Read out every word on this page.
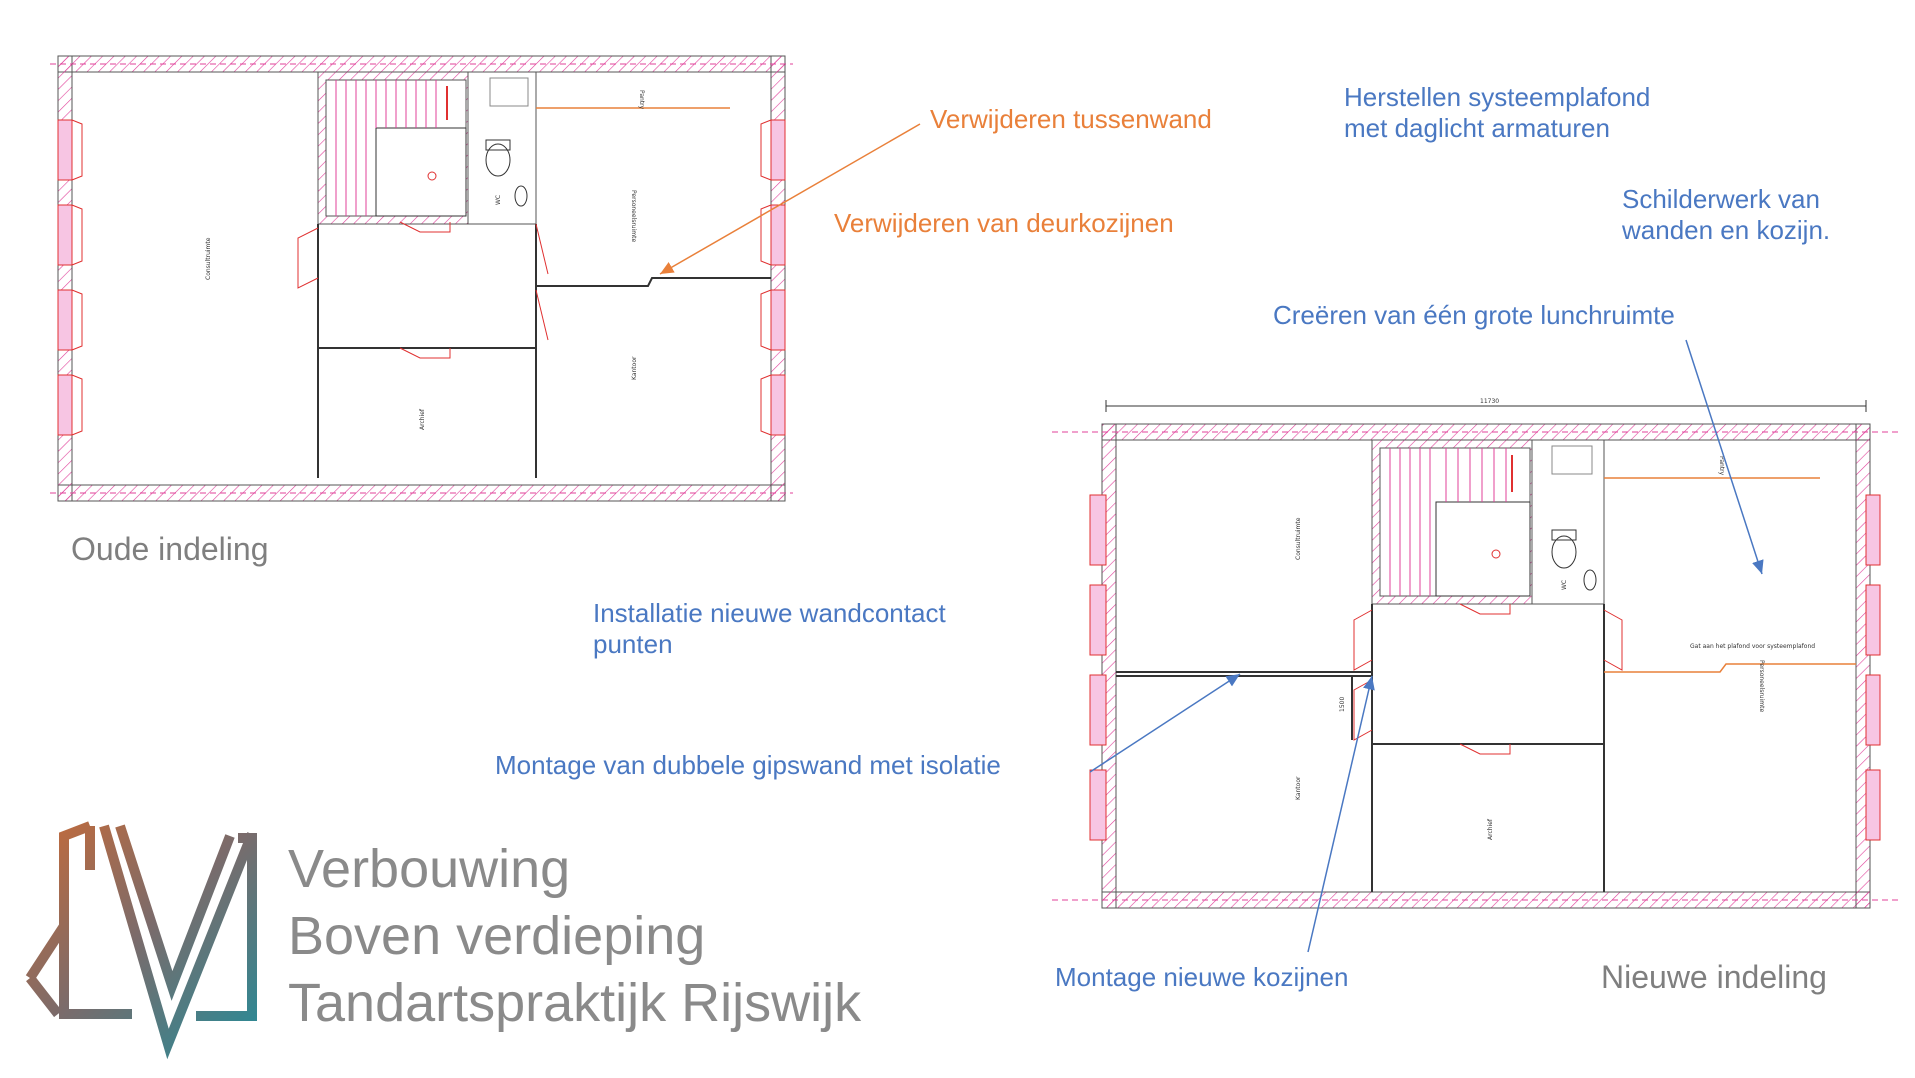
Consultruimte
Pantry
Personeelsruimte
Kantoor
Archief
WC
11730
Consultruimte
Pantry
Personeelsruimte
Kantoor
Archief
WC
Gat aan het plafond voor systeemplafond
1500
Verwijderen tussenwand
Verwijderen van deurkozijnen
Herstellen systeemplafond
met daglicht armaturen
Schilderwerk van
wanden en kozijn.
Creëren van één grote lunchruimte
Installatie nieuwe wandcontact
punten
Montage van dubbele gipswand met isolatie
Montage nieuwe kozijnen
Oude indeling
Nieuwe indeling
Verbouwing
Boven verdieping
Tandartspraktijk Rijswijk
